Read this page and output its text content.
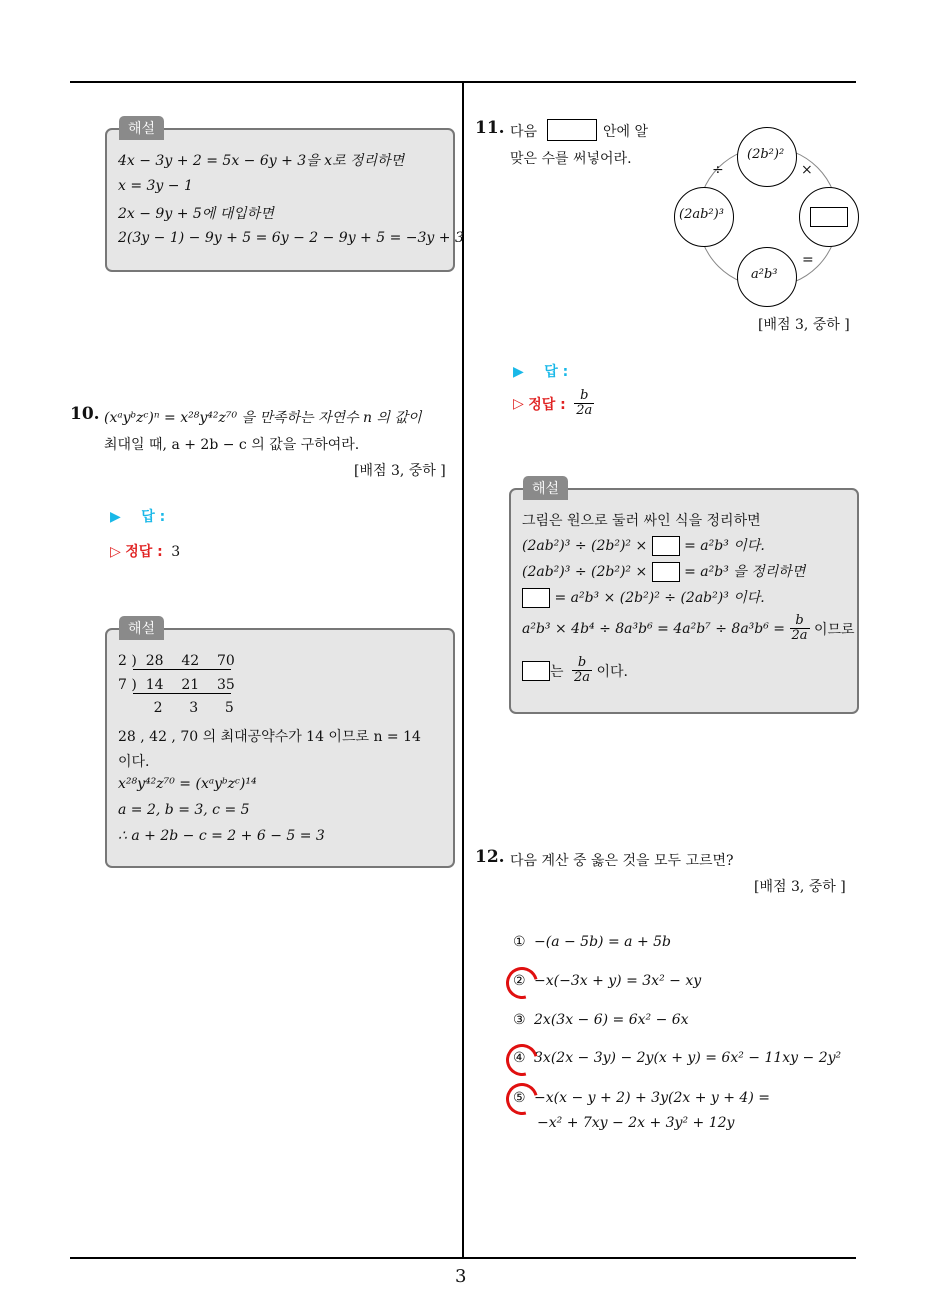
3
해설
4x − 3y + 2 = 5x − 6y + 3을 x로 정리하면
x = 3y − 1
2x − 9y + 5에 대입하면
2(3y − 1) − 9y + 5 = 6y − 2 − 9y + 5 = −3y + 3
10. (xᵃyᵇzᶜ)ⁿ = x²⁸y⁴²z⁷⁰ 을 만족하는 자연수 n 의 값이
최대일 때, a + 2b − c 의 값을 구하여라.
[배점 3, 중하 ]
▶ 답 :
▷ 정답 : 3
해설
2 )  28    42    70
7 )  14    21    35
2      3      5
28 , 42 , 70 의 최대공약수가 14 이므로 n = 14
이다.
x²⁸y⁴²z⁷⁰ = (xᵃyᵇzᶜ)¹⁴
a = 2, b = 3, c = 5
∴ a + 2b − c = 2 + 6 − 5 = 3
11. 다음	안에 알
맞은 수를 써넣어라.	(2b²)²
(2ab²)³
a²b³
÷	×
=
[배점 3, 중하 ]
▶ 답 :
▷ 정답 : $\frac{b}{2a}$
해설
그림은 원으로 둘러 싸인 식을 정리하면
(2ab²)³ ÷ (2b²)² ×	= a²b³ 이다.
(2ab²)³ ÷ (2b²)² ×	= a²b³ 을 정리하면
= a²b³ × (2b²)² ÷ (2ab²)³ 이다.
$a^2b^3 \times 4b^4 \div 8a^3b^6 = 4a^2b^7 \div 8a^3b^6 = \frac{b}{2a}$ 이므로
는 $\frac{b}{2a}$ 이다.
12. 다음 계산 중 옳은 것을 모두 고르면?
[배점 3, 중하 ]
① −(a − 5b) = a + 5b
② −x(−3x + y) = 3x² − xy
③ 2x(3x − 6) = 6x² − 6x
④ 3x(2x − 3y) − 2y(x + y) = 6x² − 11xy − 2y²
⑤ −x(x − y + 2) + 3y(2x + y + 4) =
−x² + 7xy − 2x + 3y² + 12y
